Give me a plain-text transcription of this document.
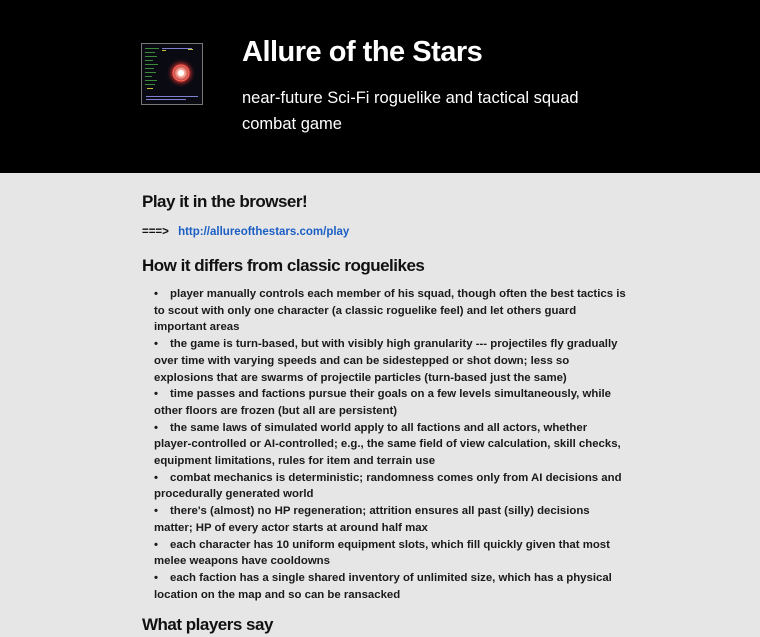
Allure of the Stars

near-future Sci-Fi roguelike and tactical squad combat game

Play it in the browser!
===> http://allureofthestars.com/play
How it differs from classic roguelikes
• player manually controls each member of his squad, though often the best tactics is to scout with only one character (a classic roguelike feel) and let others guard important areas
• the game is turn-based, but with visibly high granularity --- projectiles fly gradually over time with varying speeds and can be sidestepped or shot down; less so explosions that are swarms of projectile particles (turn-based just the same)
• time passes and factions pursue their goals on a few levels simultaneously, while other floors are frozen (but all are persistent)
• the same laws of simulated world apply to all factions and all actors, whether player-controlled or AI-controlled; e.g., the same field of view calculation, skill checks, equipment limitations, rules for item and terrain use
• combat mechanics is deterministic; randomness comes only from AI decisions and procedurally generated world
• there's (almost) no HP regeneration; attrition ensures all past (silly) decisions matter; HP of every actor starts at around half max
• each character has 10 uniform equipment slots, which fill quickly given that most melee weapons have cooldowns
• each faction has a single shared inventory of unlimited size, which has a physical location on the map and so can be ransacked
What players say
